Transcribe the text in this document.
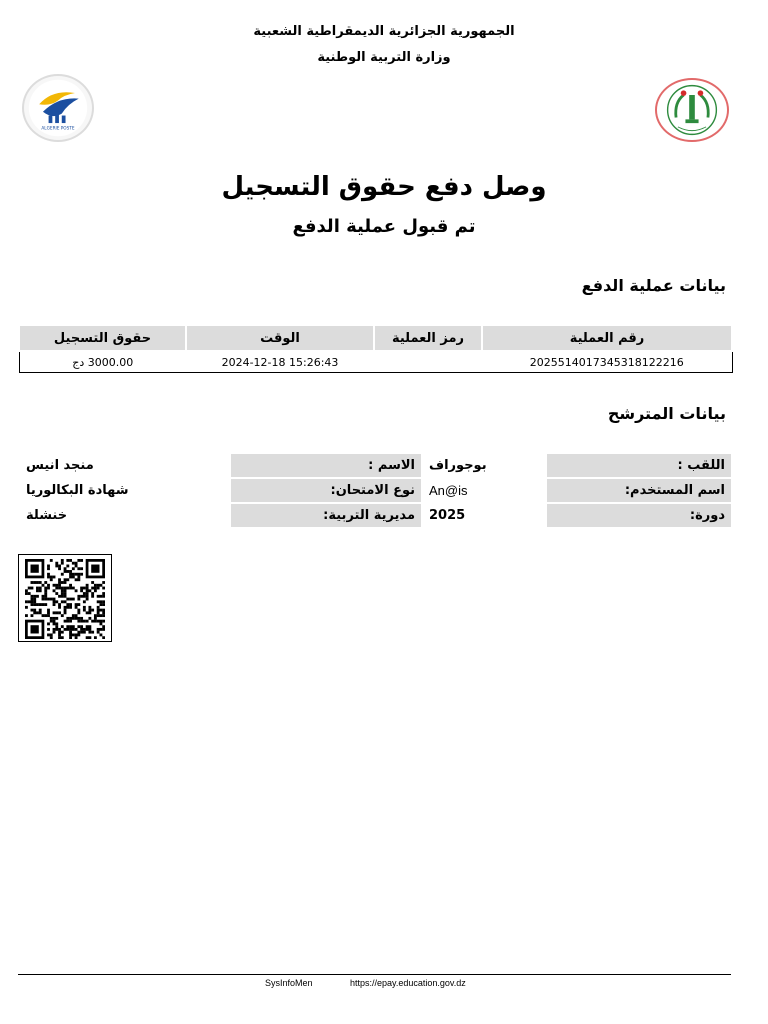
الجمهورية الجزائرية الديمقراطية الشعبية
وزارة التربية الوطنية
ALGERIE POSTE
وصل دفع حقوق التسجيل
تم قبول عملية الدفع
بيانات عملية الدفع
رقم العملية	رمز العملية	الوقت	حقوق التسجيل
2025514017345318122216		2024-12-18 15:26:43	3000.00 دج
بيانات المترشح
اللقب :	بوجوراف	الاسم :	منجد انيس
اسم المستخدم:	An@is	نوع الامتحان:	شهادة البكالوريا
دورة:	2025	مديرية التربية:	خنشلة
SysInfoMen	https://epay.education.gov.dz
